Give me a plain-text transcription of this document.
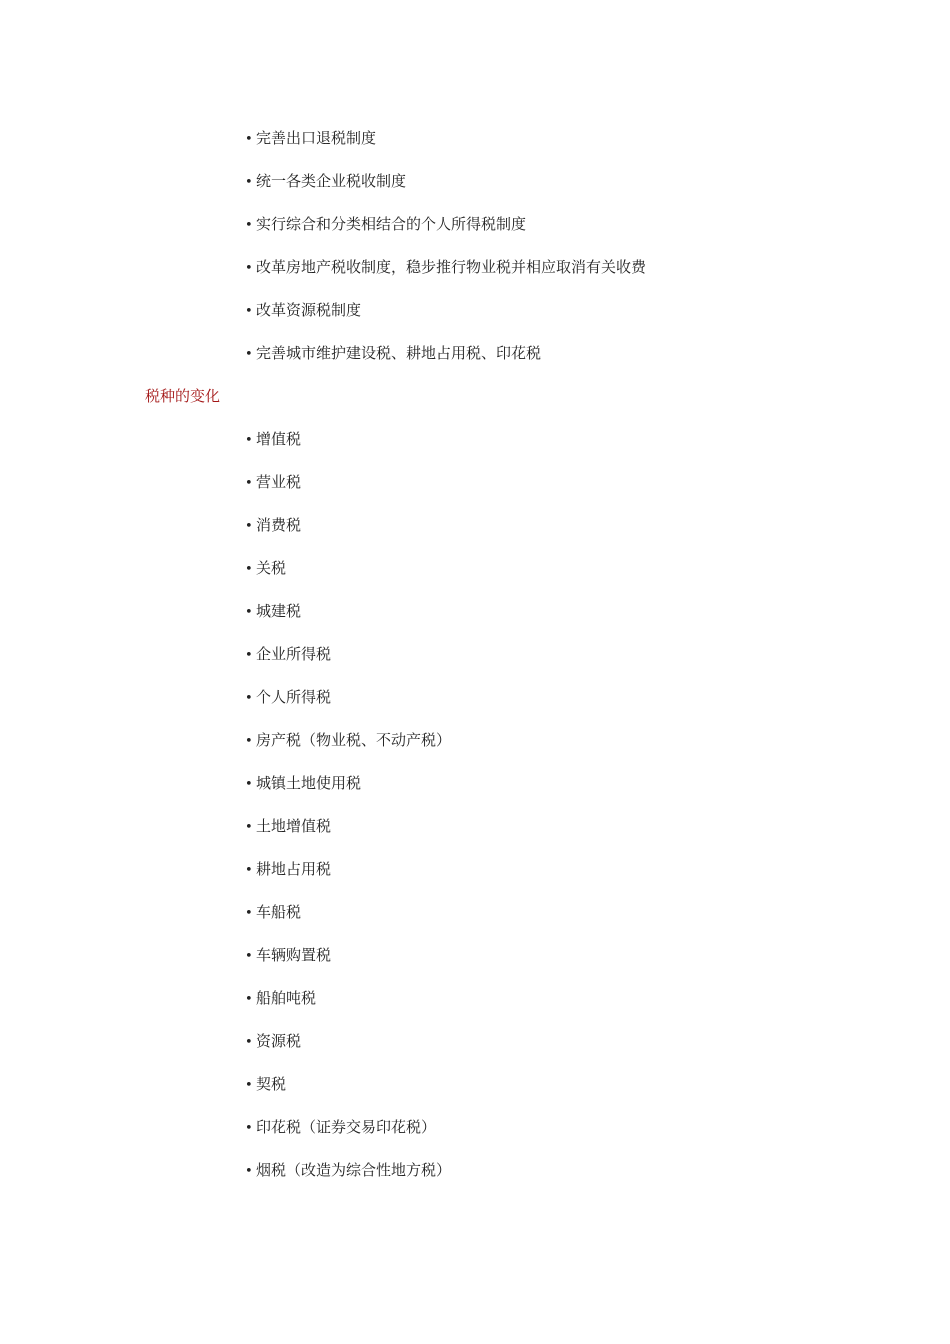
• 完善出口退税制度
• 统一各类企业税收制度
• 实行综合和分类相结合的个人所得税制度
• 改革房地产税收制度，稳步推行物业税并相应取消有关收费
• 改革资源税制度
• 完善城市维护建设税、耕地占用税、印花税
税种的变化
• 增值税
• 营业税
• 消费税
• 关税
• 城建税
• 企业所得税
• 个人所得税
• 房产税（物业税、不动产税）
• 城镇土地使用税
• 土地增值税
• 耕地占用税
• 车船税
• 车辆购置税
• 船舶吨税
• 资源税
• 契税
• 印花税（证券交易印花税）
• 烟税（改造为综合性地方税）
